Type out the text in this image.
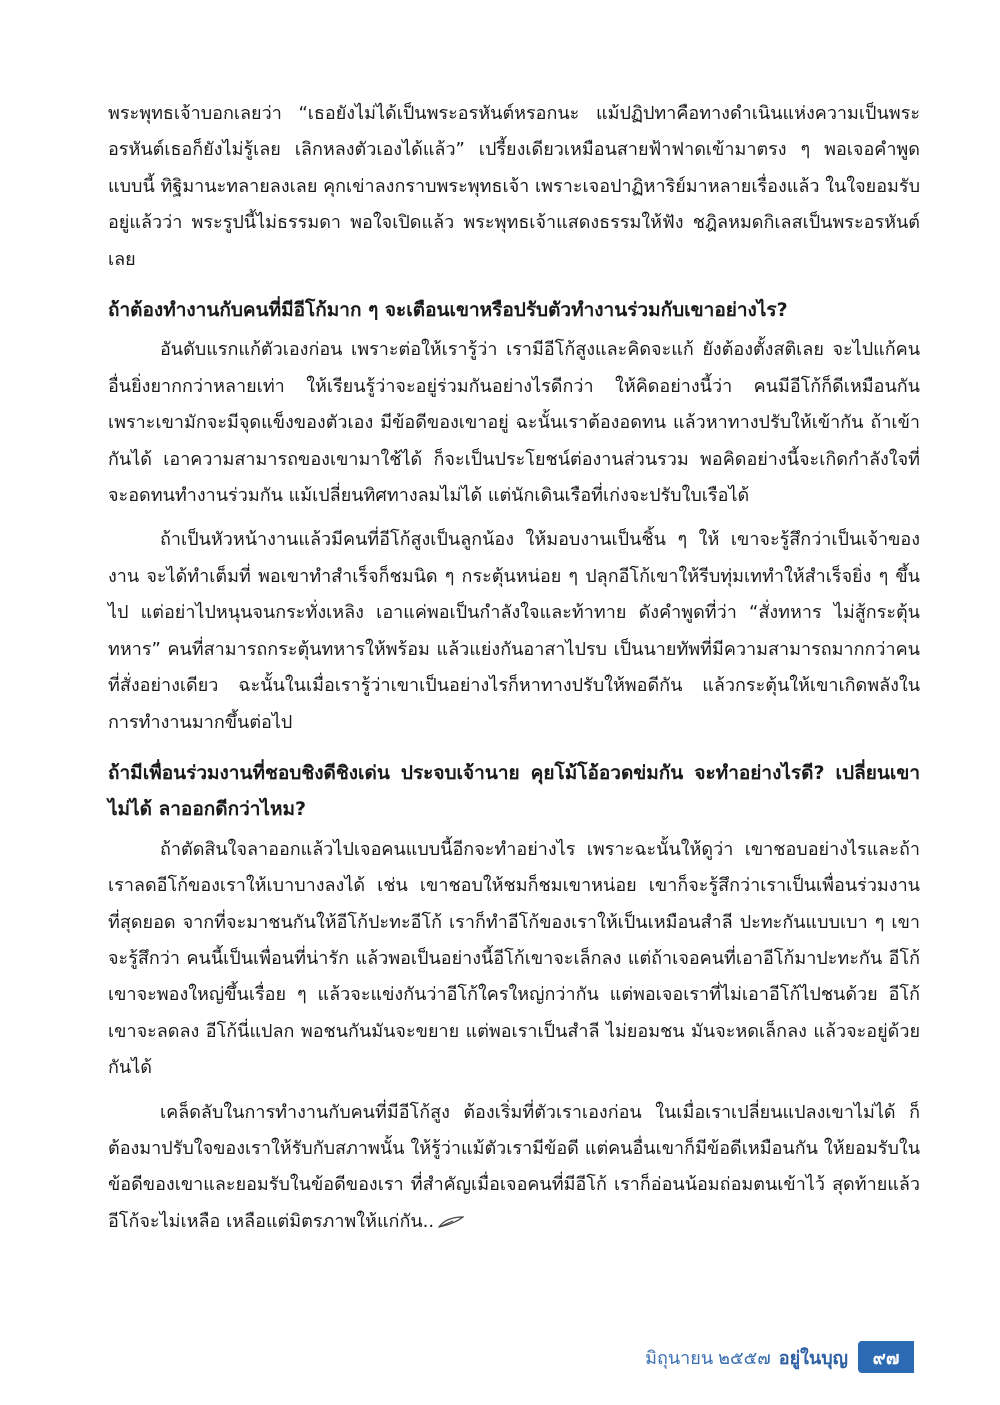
พระพุทธเจ้าบอกเลยว่า “เธอยังไม่ได้เป็นพระอรหันต์หรอกนะ แม้ปฏิปทาคือทางดำเนินแห่งความเป็นพระอรหันต์เธอก็ยังไม่รู้เลย เลิกหลงตัวเองได้แล้ว” เปรี้ยงเดียวเหมือนสายฟ้าฟาดเข้ามาตรง ๆ พอเจอคำพูดแบบนี้ ทิฐิมานะทลายลงเลย คุกเข่าลงกราบพระพุทธเจ้า เพราะเจอปาฏิหาริย์มาหลายเรื่องแล้ว ในใจยอมรับอยู่แล้วว่า พระรูปนี้ไม่ธรรมดา พอใจเปิดแล้ว พระพุทธเจ้าแสดงธรรมให้ฟัง ชฎิลหมดกิเลสเป็นพระอรหันต์เลย

ถ้าต้องทำงานกับคนที่มีอีโก้มาก ๆ จะเตือนเขาหรือปรับตัวทำงานร่วมกับเขาอย่างไร?

อันดับแรกแก้ตัวเองก่อน เพราะต่อให้เรารู้ว่า เรามีอีโก้สูงและคิดจะแก้ ยังต้องตั้งสติเลย จะไปแก้คนอื่นยิ่งยากกว่าหลายเท่า ให้เรียนรู้ว่าจะอยู่ร่วมกันอย่างไรดีกว่า ให้คิดอย่างนี้ว่า คนมีอีโก้ก็ดีเหมือนกัน เพราะเขามักจะมีจุดแข็งของตัวเอง มีข้อดีของเขาอยู่ ฉะนั้นเราต้องอดทน แล้วหาทางปรับให้เข้ากัน ถ้าเข้ากันได้ เอาความสามารถของเขามาใช้ได้ ก็จะเป็นประโยชน์ต่องานส่วนรวม พอคิดอย่างนี้จะเกิดกำลังใจที่จะอดทนทำงานร่วมกัน แม้เปลี่ยนทิศทางลมไม่ได้ แต่นักเดินเรือที่เก่งจะปรับใบเรือได้

ถ้าเป็นหัวหน้างานแล้วมีคนที่อีโก้สูงเป็นลูกน้อง ให้มอบงานเป็นชิ้น ๆ ให้ เขาจะรู้สึกว่าเป็นเจ้าของงาน จะได้ทำเต็มที่ พอเขาทำสำเร็จก็ชมนิด ๆ กระตุ้นหน่อย ๆ ปลุกอีโก้เขาให้รีบทุ่มเททำให้สำเร็จยิ่ง ๆ ขึ้นไป แต่อย่าไปหนุนจนกระทั่งเหลิง เอาแค่พอเป็นกำลังใจและท้าทาย ดังคำพูดที่ว่า “สั่งทหาร ไม่สู้กระตุ้นทหาร” คนที่สามารถกระตุ้นทหารให้พร้อม แล้วแย่งกันอาสาไปรบ เป็นนายทัพที่มีความสามารถมากกว่าคนที่สั่งอย่างเดียว ฉะนั้นในเมื่อเรารู้ว่าเขาเป็นอย่างไรก็หาทางปรับให้พอดีกัน แล้วกระตุ้นให้เขาเกิดพลังในการทำงานมากขึ้นต่อไป

ถ้ามีเพื่อนร่วมงานที่ชอบชิงดีชิงเด่น ประจบเจ้านาย คุยโม้โอ้อวดข่มกัน จะทำอย่างไรดี? เปลี่ยนเขาไม่ได้ ลาออกดีกว่าไหม?

ถ้าตัดสินใจลาออกแล้วไปเจอคนแบบนี้อีกจะทำอย่างไร เพราะฉะนั้นให้ดูว่า เขาชอบอย่างไรและถ้าเราลดอีโก้ของเราให้เบาบางลงได้ เช่น เขาชอบให้ชมก็ชมเขาหน่อย เขาก็จะรู้สึกว่าเราเป็นเพื่อนร่วมงานที่สุดยอด จากที่จะมาชนกันให้อีโก้ปะทะอีโก้ เราก็ทำอีโก้ของเราให้เป็นเหมือนสำลี ปะทะกันแบบเบา ๆ เขาจะรู้สึกว่า คนนี้เป็นเพื่อนที่น่ารัก แล้วพอเป็นอย่างนี้อีโก้เขาจะเล็กลง แต่ถ้าเจอคนที่เอาอีโก้มาปะทะกัน อีโก้เขาจะพองใหญ่ขึ้นเรื่อย ๆ แล้วจะแข่งกันว่าอีโก้ใครใหญ่กว่ากัน แต่พอเจอเราที่ไม่เอาอีโก้ไปชนด้วย อีโก้เขาจะลดลง อีโก้นี่แปลก พอชนกันมันจะขยาย แต่พอเราเป็นสำลี ไม่ยอมชน มันจะหดเล็กลง แล้วจะอยู่ด้วยกันได้

เคล็ดลับในการทำงานกับคนที่มีอีโก้สูง ต้องเริ่มที่ตัวเราเองก่อน ในเมื่อเราเปลี่ยนแปลงเขาไม่ได้ ก็ต้องมาปรับใจของเราให้รับกับสภาพนั้น ให้รู้ว่าแม้ตัวเรามีข้อดี แต่คนอื่นเขาก็มีข้อดีเหมือนกัน ให้ยอมรับในข้อดีของเขาและยอมรับในข้อดีของเรา ที่สำคัญเมื่อเจอคนที่มีอีโก้ เราก็อ่อนน้อมถ่อมตนเข้าไว้ สุดท้ายแล้วอีโก้จะไม่เหลือ เหลือแต่มิตรภาพให้แก่กัน..

มิถุนายน ๒๕๕๗ อยู่ในบุญ	๙๗
